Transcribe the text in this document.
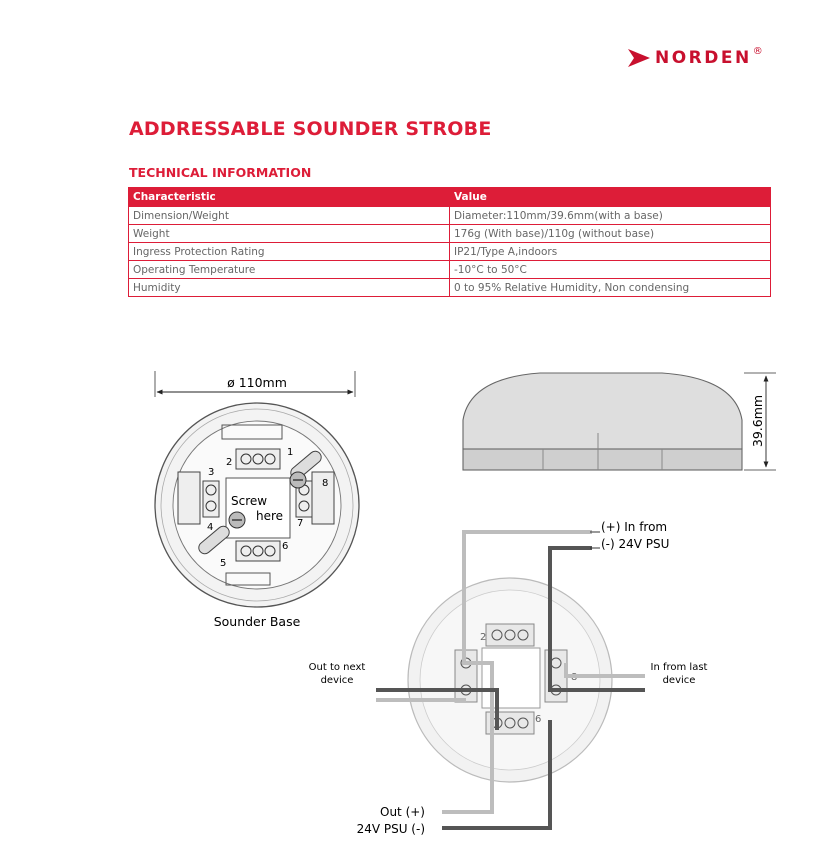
NORDEN ®
ADDRESSABLE SOUNDER STROBE
TECHNICAL INFORMATION
Characteristic	Value
Dimension/Weight	Diameter:110mm/39.6mm(with a base)
Weight	176g (With base)/110g (without base)
Ingress Protection Rating	IP21/Type A,indoors
Operating Temperature	-10°C to 50°C
Humidity	0 to 95% Relative Humidity, Non condensing
ø 110mm
1
2
3
4
5
6
7
8
Screw
here
Sounder Base
39.6mm
2
8
6
(+) In from
(-) 24V PSU
Out to next
device
In from last
device
Out (+)
24V PSU (-)
